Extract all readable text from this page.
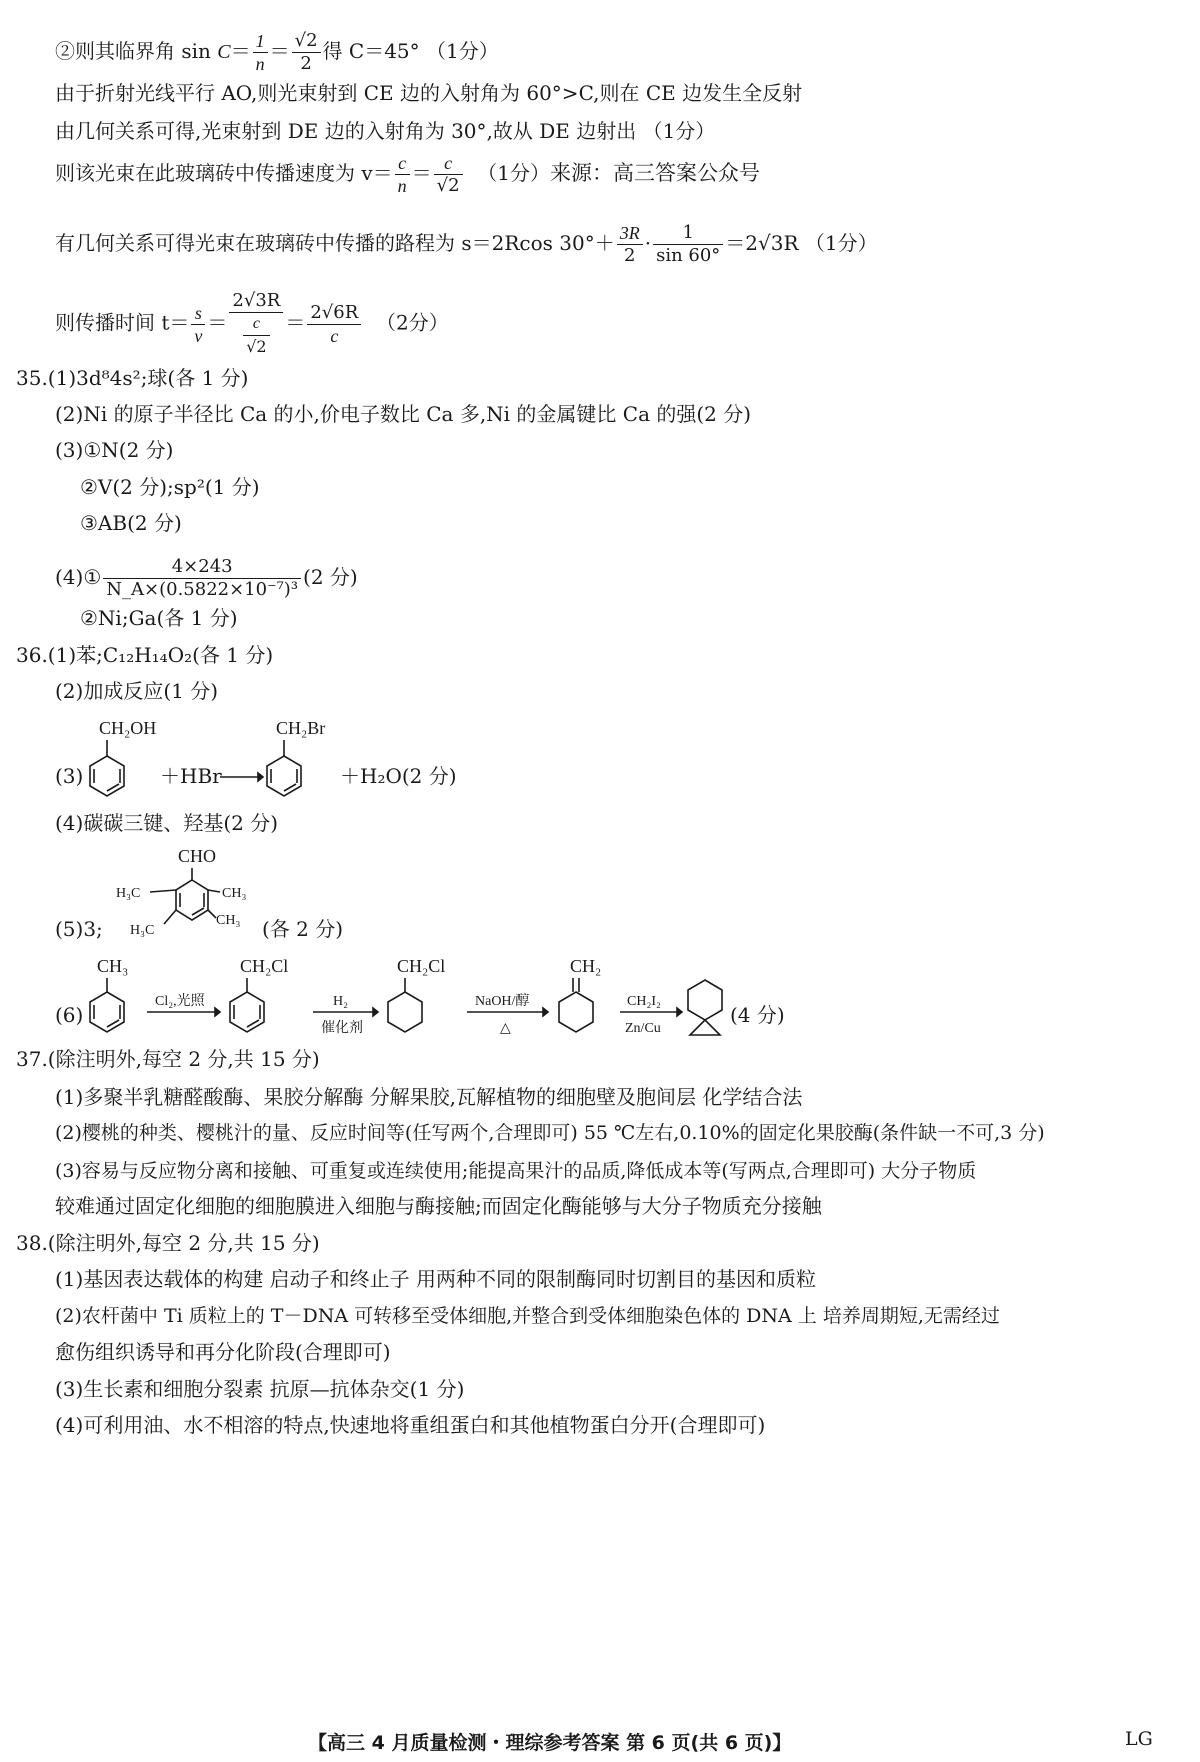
②则其临界角 $\sin C= \frac{1}{n} = \frac{√2}{2}$ 得 C＝45° （1分）
由于折射光线平行 AO,则光束射到 CE 边的入射角为 60°>C,则在 CE 边发生全反射
由几何关系可得,光束射到 DE 边的入射角为 30°,故从 DE 边射出 （1分）
则该光束在此玻璃砖中传播速度为 $v= \frac{c}{n} = \frac{c}{√2} (1$分）来源：高三答案公众号
有几何关系可得光束在玻璃砖中传播的路程为 s＝2Rcos $30^\circ+ \frac{3R}{2} \cdot \frac{1}{\sin 60^\circ} =2√3R$ （1分）
则传播时间 $t= \frac{s}{v} = \frac{2√3R}{\frac{c}{√2}} = \frac{2√6R}{c} (2$分）
35.(1)3d⁸4s²;球(各 1 分)
(2)Ni 的原子半径比 Ca 的小,价电子数比 Ca 多,Ni 的金属键比 Ca 的强(2 分)
(3)①N(2 分)
②V(2 分);sp²(1 分)
③AB(2 分)
(4)① $\frac{4\times 243}{\text{N\_A×(0.5822×10⁻⁷)³}} (2$ 分)
②Ni;Ga(各 1 分)
36.(1)苯;C₁₂H₁₄O₂(各 1 分)
(2)加成反应(1 分)
(3)
CH₂OH
＋HBr
CH₂Br
＋H₂O(2 分)
(4)碳碳三键、羟基(2 分)
(5)3;
CHO
H₃C	CH₃
H₃C
CH₃ (各 2 分)
(6)
CH₃
Cl₂,光照
CH₂Cl
H₂
催化剂
CH₂Cl
NaOH/醇
△
CH₂
CH₂I₂
Zn/Cu
(4 分)
37.(除注明外,每空 2 分,共 15 分)
(1)多聚半乳糖醛酸酶、果胶分解酶 分解果胶,瓦解植物的细胞壁及胞间层 化学结合法
(2)樱桃的种类、樱桃汁的量、反应时间等(任写两个,合理即可) 55 ℃左右,0.10%的固定化果胶酶(条件缺一不可,3 分)
(3)容易与反应物分离和接触、可重复或连续使用;能提高果汁的品质,降低成本等(写两点,合理即可) 大分子物质
较难通过固定化细胞的细胞膜进入细胞与酶接触;而固定化酶能够与大分子物质充分接触
38.(除注明外,每空 2 分,共 15 分)
(1)基因表达载体的构建 启动子和终止子 用两种不同的限制酶同时切割目的基因和质粒
(2)农杆菌中 Ti 质粒上的 T－DNA 可转移至受体细胞,并整合到受体细胞染色体的 DNA 上 培养周期短,无需经过
愈伤组织诱导和再分化阶段(合理即可)
(3)生长素和细胞分裂素 抗原—抗体杂交(1 分)
(4)可利用油、水不相溶的特点,快速地将重组蛋白和其他植物蛋白分开(合理即可)
【高三 4 月质量检测・理综参考答案 第 6 页(共 6 页)】	LG
